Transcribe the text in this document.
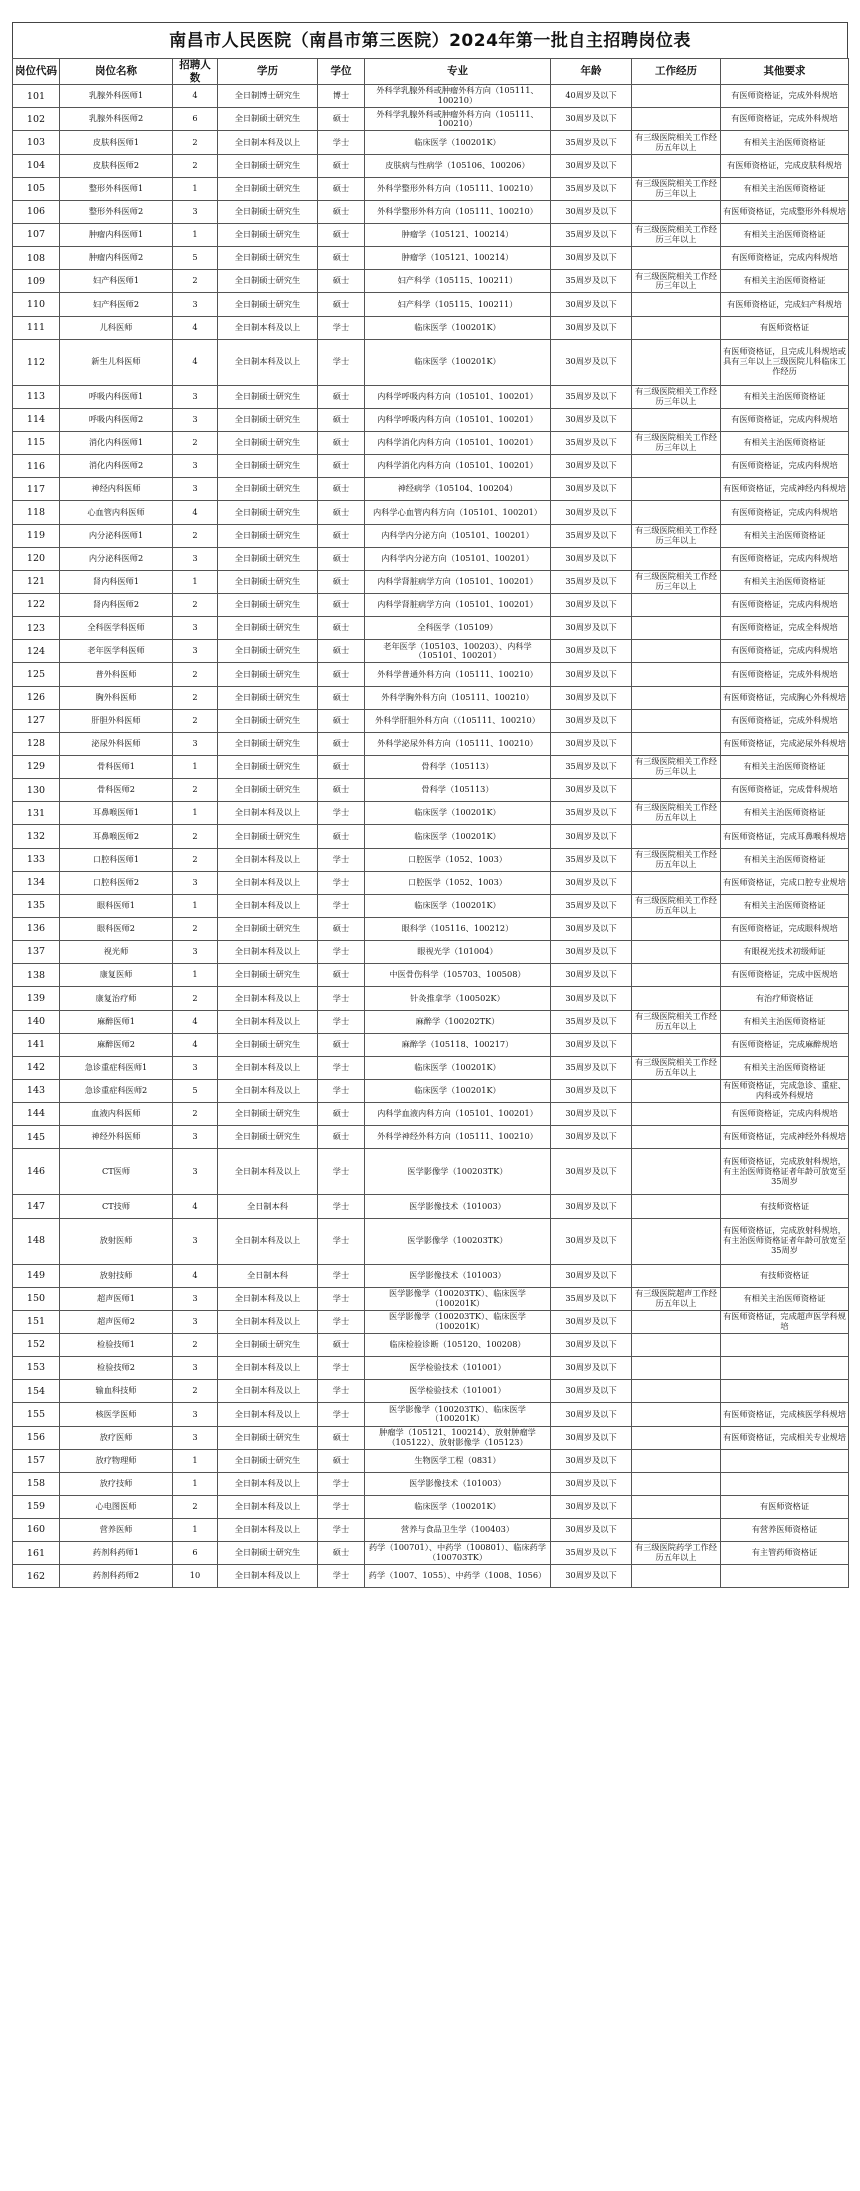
南昌市人民医院（南昌市第三医院）2024年第一批自主招聘岗位表
岗位代码	岗位名称	招聘人数	学历	学位	专业	年龄	工作经历	其他要求
101	乳腺外科医师1	4	全日制博士研究生	博士	外科学乳腺外科或肿瘤外科方向（105111、100210）	40周岁及以下		有医师资格证，完成外科规培
102	乳腺外科医师2	6	全日制硕士研究生	硕士	外科学乳腺外科或肿瘤外科方向（105111、100210）	30周岁及以下		有医师资格证，完成外科规培
103	皮肤科医师1	2	全日制本科及以上	学士	临床医学（100201K）	35周岁及以下	有三级医院相关工作经历五年以上	有相关主治医师资格证
104	皮肤科医师2	2	全日制硕士研究生	硕士	皮肤病与性病学（105106、100206）	30周岁及以下		有医师资格证，完成皮肤科规培
105	整形外科医师1	1	全日制硕士研究生	硕士	外科学整形外科方向（105111、100210）	35周岁及以下	有三级医院相关工作经历三年以上	有相关主治医师资格证
106	整形外科医师2	3	全日制硕士研究生	硕士	外科学整形外科方向（105111、100210）	30周岁及以下		有医师资格证，完成整形外科规培
107	肿瘤内科医师1	1	全日制硕士研究生	硕士	肿瘤学（105121、100214）	35周岁及以下	有三级医院相关工作经历三年以上	有相关主治医师资格证
108	肿瘤内科医师2	5	全日制硕士研究生	硕士	肿瘤学（105121、100214）	30周岁及以下		有医师资格证，完成内科规培
109	妇产科医师1	2	全日制硕士研究生	硕士	妇产科学（105115、100211）	35周岁及以下	有三级医院相关工作经历三年以上	有相关主治医师资格证
110	妇产科医师2	3	全日制硕士研究生	硕士	妇产科学（105115、100211）	30周岁及以下		有医师资格证，完成妇产科规培
111	儿科医师	4	全日制本科及以上	学士	临床医学（100201K）	30周岁及以下		有医师资格证
112	新生儿科医师	4	全日制本科及以上	学士	临床医学（100201K）	30周岁及以下		有医师资格证，且完成儿科规培或具有三年以上三级医院儿科临床工作经历
113	呼吸内科医师1	3	全日制硕士研究生	硕士	内科学呼吸内科方向（105101、100201）	35周岁及以下	有三级医院相关工作经历三年以上	有相关主治医师资格证
114	呼吸内科医师2	3	全日制硕士研究生	硕士	内科学呼吸内科方向（105101、100201）	30周岁及以下		有医师资格证，完成内科规培
115	消化内科医师1	2	全日制硕士研究生	硕士	内科学消化内科方向（105101、100201）	35周岁及以下	有三级医院相关工作经历三年以上	有相关主治医师资格证
116	消化内科医师2	3	全日制硕士研究生	硕士	内科学消化内科方向（105101、100201）	30周岁及以下		有医师资格证，完成内科规培
117	神经内科医师	3	全日制硕士研究生	硕士	神经病学（105104、100204）	30周岁及以下		有医师资格证，完成神经内科规培
118	心血管内科医师	4	全日制硕士研究生	硕士	内科学心血管内科方向（105101、100201）	30周岁及以下		有医师资格证，完成内科规培
119	内分泌科医师1	2	全日制硕士研究生	硕士	内科学内分泌方向（105101、100201）	35周岁及以下	有三级医院相关工作经历三年以上	有相关主治医师资格证
120	内分泌科医师2	3	全日制硕士研究生	硕士	内科学内分泌方向（105101、100201）	30周岁及以下		有医师资格证，完成内科规培
121	肾内科医师1	1	全日制硕士研究生	硕士	内科学肾脏病学方向（105101、100201）	35周岁及以下	有三级医院相关工作经历三年以上	有相关主治医师资格证
122	肾内科医师2	2	全日制硕士研究生	硕士	内科学肾脏病学方向（105101、100201）	30周岁及以下		有医师资格证，完成内科规培
123	全科医学科医师	3	全日制硕士研究生	硕士	全科医学（105109）	30周岁及以下		有医师资格证，完成全科规培
124	老年医学科医师	3	全日制硕士研究生	硕士	老年医学（105103、100203）、内科学（105101、100201）	30周岁及以下		有医师资格证，完成内科规培
125	普外科医师	2	全日制硕士研究生	硕士	外科学普通外科方向（105111、100210）	30周岁及以下		有医师资格证，完成外科规培
126	胸外科医师	2	全日制硕士研究生	硕士	外科学胸外科方向（105111、100210）	30周岁及以下		有医师资格证，完成胸心外科规培
127	肝胆外科医师	2	全日制硕士研究生	硕士	外科学肝胆外科方向（（105111、100210）	30周岁及以下		有医师资格证，完成外科规培
128	泌尿外科医师	3	全日制硕士研究生	硕士	外科学泌尿外科方向（105111、100210）	30周岁及以下		有医师资格证，完成泌尿外科规培
129	骨科医师1	1	全日制硕士研究生	硕士	骨科学（105113）	35周岁及以下	有三级医院相关工作经历三年以上	有相关主治医师资格证
130	骨科医师2	2	全日制硕士研究生	硕士	骨科学（105113）	30周岁及以下		有医师资格证，完成骨科规培
131	耳鼻喉医师1	1	全日制本科及以上	学士	临床医学（100201K）	35周岁及以下	有三级医院相关工作经历五年以上	有相关主治医师资格证
132	耳鼻喉医师2	2	全日制硕士研究生	硕士	临床医学（100201K）	30周岁及以下		有医师资格证，完成耳鼻喉科规培
133	口腔科医师1	2	全日制本科及以上	学士	口腔医学（1052、1003）	35周岁及以下	有三级医院相关工作经历五年以上	有相关主治医师资格证
134	口腔科医师2	3	全日制本科及以上	学士	口腔医学（1052、1003）	30周岁及以下		有医师资格证，完成口腔专业规培
135	眼科医师1	1	全日制本科及以上	学士	临床医学（100201K）	35周岁及以下	有三级医院相关工作经历五年以上	有相关主治医师资格证
136	眼科医师2	2	全日制硕士研究生	硕士	眼科学（105116、100212）	30周岁及以下		有医师资格证，完成眼科规培
137	视光师	3	全日制本科及以上	学士	眼视光学（101004）	30周岁及以下		有眼视光技术初级师证
138	康复医师	1	全日制硕士研究生	硕士	中医骨伤科学（105703、100508）	30周岁及以下		有医师资格证，完成中医规培
139	康复治疗师	2	全日制本科及以上	学士	针灸推拿学（100502K）	30周岁及以下		有治疗师资格证
140	麻醉医师1	4	全日制本科及以上	学士	麻醉学（100202TK）	35周岁及以下	有三级医院相关工作经历五年以上	有相关主治医师资格证
141	麻醉医师2	4	全日制硕士研究生	硕士	麻醉学（105118、100217）	30周岁及以下		有医师资格证，完成麻醉规培
142	急诊重症科医师1	3	全日制本科及以上	学士	临床医学（100201K）	35周岁及以下	有三级医院相关工作经历五年以上	有相关主治医师资格证
143	急诊重症科医师2	5	全日制本科及以上	学士	临床医学（100201K）	30周岁及以下		有医师资格证，完成急诊、重症、内科或外科规培
144	血液内科医师	2	全日制硕士研究生	硕士	内科学血液内科方向（105101、100201）	30周岁及以下		有医师资格证，完成内科规培
145	神经外科医师	3	全日制硕士研究生	硕士	外科学神经外科方向（105111、100210）	30周岁及以下		有医师资格证，完成神经外科规培
146	CT医师	3	全日制本科及以上	学士	医学影像学（100203TK）	30周岁及以下		有医师资格证，完成放射科规培，有主治医师资格证者年龄可放宽至35周岁
147	CT技师	4	全日制本科	学士	医学影像技术（101003）	30周岁及以下		有技师资格证
148	放射医师	3	全日制本科及以上	学士	医学影像学（100203TK）	30周岁及以下		有医师资格证，完成放射科规培，有主治医师资格证者年龄可放宽至35周岁
149	放射技师	4	全日制本科	学士	医学影像技术（101003）	30周岁及以下		有技师资格证
150	超声医师1	3	全日制本科及以上	学士	医学影像学（100203TK）、临床医学（100201K）	35周岁及以下	有三级医院超声工作经历五年以上	有相关主治医师资格证
151	超声医师2	3	全日制本科及以上	学士	医学影像学（100203TK）、临床医学（100201K）	30周岁及以下		有医师资格证，完成超声医学科规培
152	检验技师1	2	全日制硕士研究生	硕士	临床检验诊断（105120、100208）	30周岁及以下		
153	检验技师2	3	全日制本科及以上	学士	医学检验技术（101001）	30周岁及以下		
154	输血科技师	2	全日制本科及以上	学士	医学检验技术（101001）	30周岁及以下		
155	核医学医师	3	全日制本科及以上	学士	医学影像学（100203TK）、临床医学（100201K）	30周岁及以下		有医师资格证，完成核医学科规培
156	放疗医师	3	全日制硕士研究生	硕士	肿瘤学（105121、100214）、放射肿瘤学（105122）、放射影像学（105123）	30周岁及以下		有医师资格证，完成相关专业规培
157	放疗物理师	1	全日制硕士研究生	硕士	生物医学工程（0831）	30周岁及以下		
158	放疗技师	1	全日制本科及以上	学士	医学影像技术（101003）	30周岁及以下		
159	心电图医师	2	全日制本科及以上	学士	临床医学（100201K）	30周岁及以下		有医师资格证
160	营养医师	1	全日制本科及以上	学士	营养与食品卫生学（100403）	30周岁及以下		有营养医师资格证
161	药剂科药师1	6	全日制硕士研究生	硕士	药学（100701）、中药学（100801）、临床药学（100703TK）	35周岁及以下	有三级医院药学工作经历五年以上	有主管药师资格证
162	药剂科药师2	10	全日制本科及以上	学士	药学（1007、1055）、中药学（1008、1056）	30周岁及以下		
